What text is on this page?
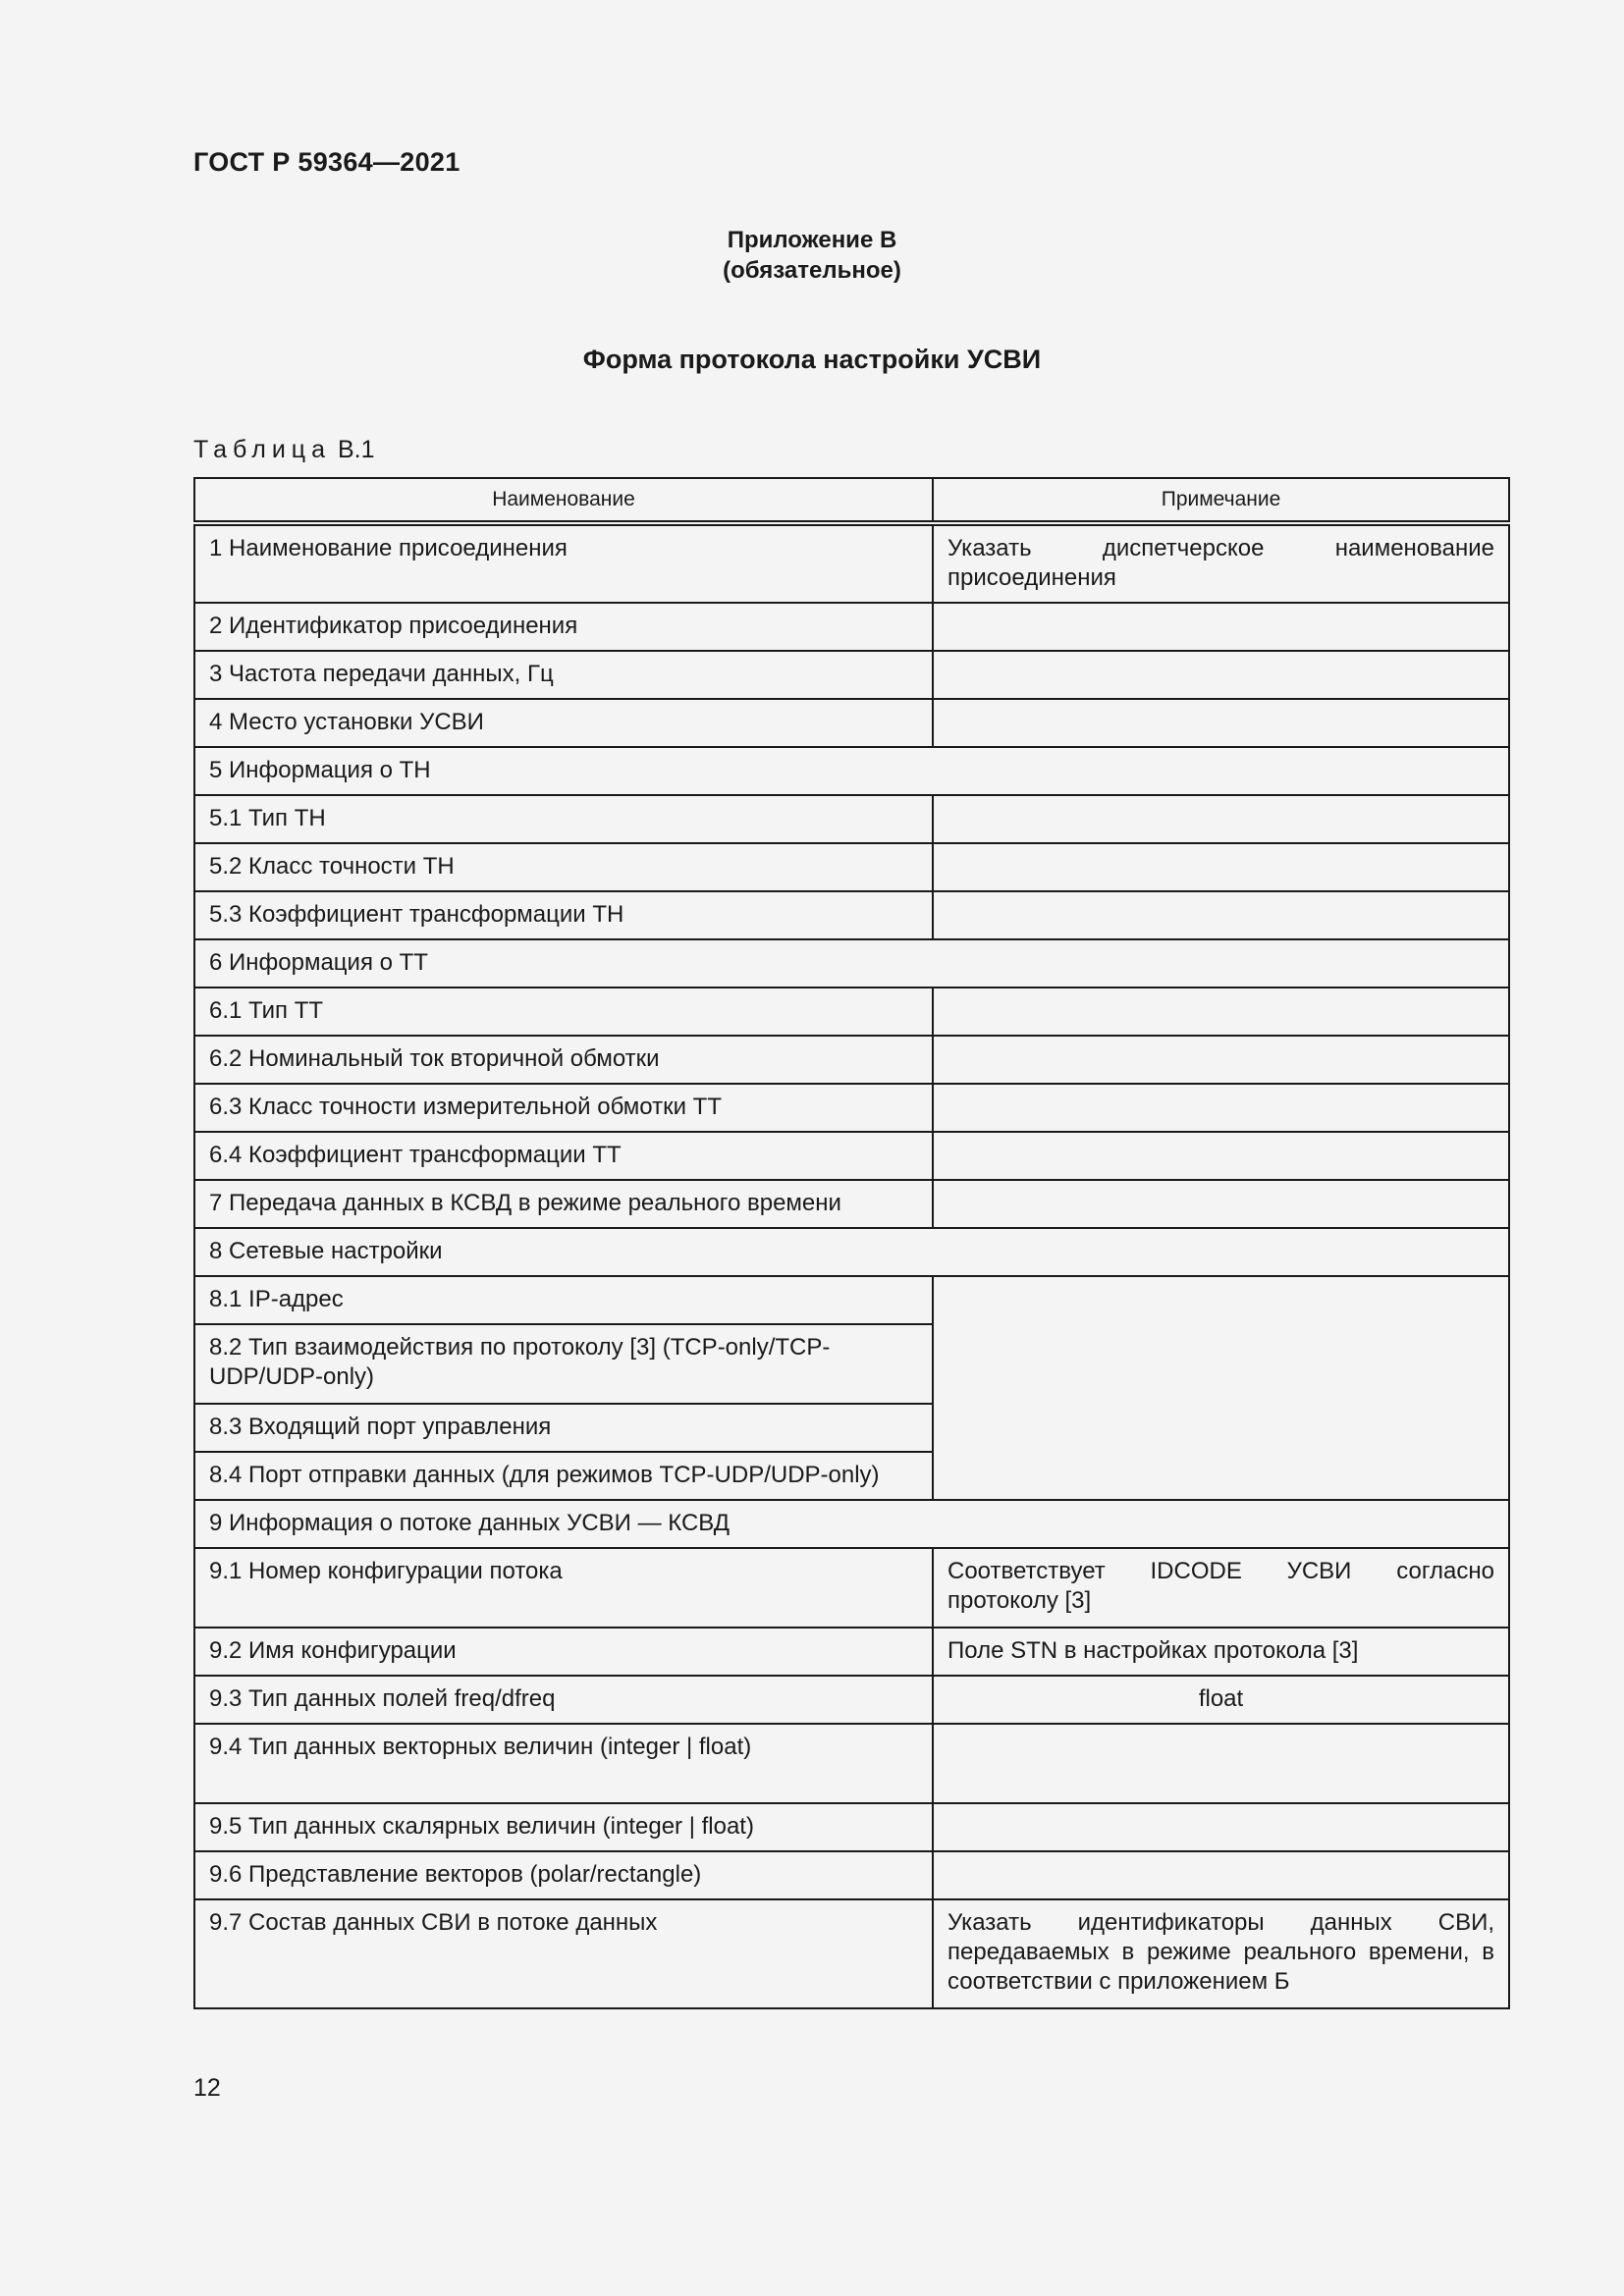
ГОСТ Р 59364—2021
Приложение В
(обязательное)
Форма протокола настройки УСВИ
Таблица В.1
Наименование	Примечание
1 Наименование присоединения	Указать диспетчерское наименование присоединения
2 Идентификатор присоединения	
3 Частота передачи данных, Гц	
4 Место установки УСВИ	
5 Информация о ТН	
5.1 Тип ТН	
5.2 Класс точности ТН	
5.3 Коэффициент трансформации ТН	
6 Информация о ТТ	
6.1 Тип ТТ	
6.2 Номинальный ток вторичной обмотки	
6.3 Класс точности измерительной обмотки ТТ	
6.4 Коэффициент трансформации ТТ	
7 Передача данных в КСВД в режиме реального времени	
8 Сетевые настройки	
8.1 IP-адрес	
8.2 Тип взаимодействия по протоколу [3] (TCP-only/TCP-UDP/UDP-only)	
8.3 Входящий порт управления	
8.4 Порт отправки данных (для режимов TCP-UDP/UDP-only)	
9 Информация о потоке данных УСВИ — КСВД	
9.1 Номер конфигурации потока	Соответствует IDCODE УСВИ согласно протоколу [3]
9.2 Имя конфигурации	Поле STN в настройках протокола [3]
9.3 Тип данных полей freq/dfreq	float
9.4 Тип данных векторных величин (integer | float)	
9.5 Тип данных скалярных величин (integer | float)	
9.6 Представление векторов (polar/rectangle)	
9.7 Состав данных СВИ в потоке данных	Указать идентификаторы данных СВИ, передаваемых в режиме реального времени, в соответствии с приложением Б
12
